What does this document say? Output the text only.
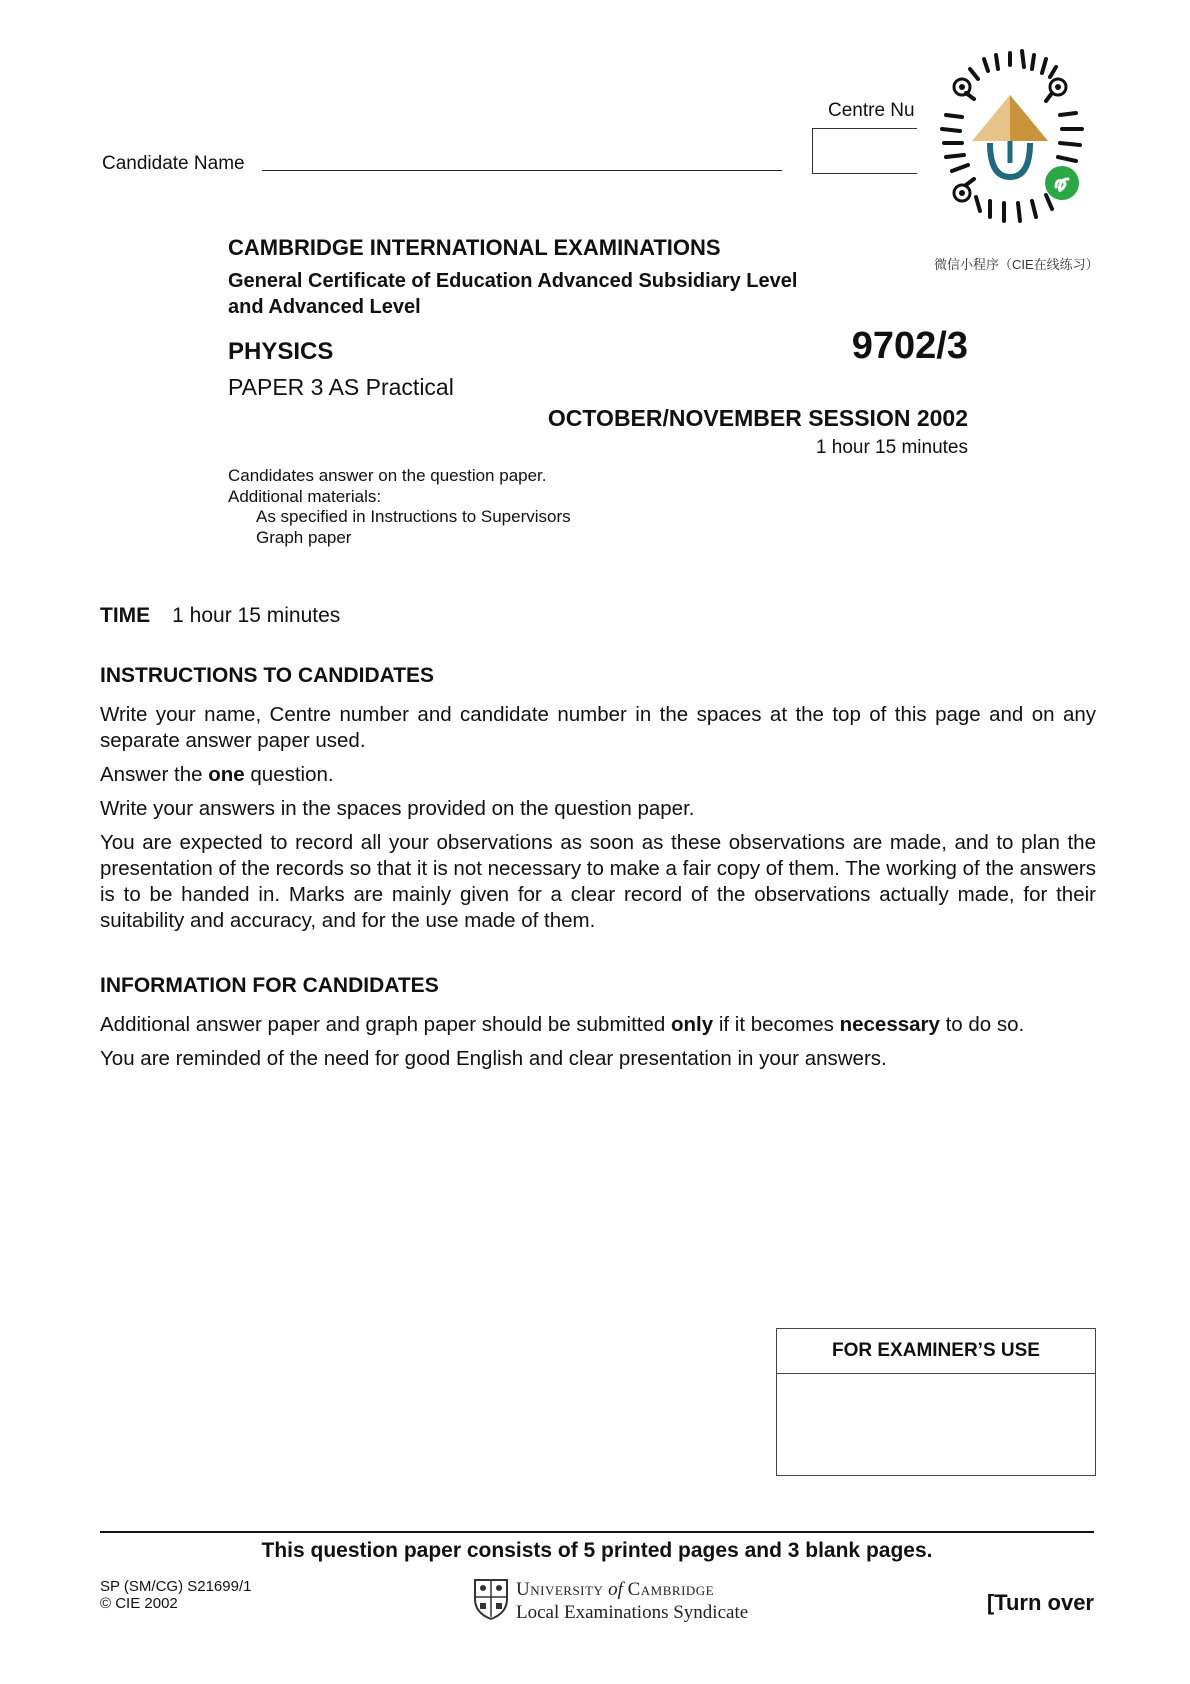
Candidate Name
Centre Nu
微信小程序（CIE在线练习）
CAMBRIDGE INTERNATIONAL EXAMINATIONS
General Certificate of Education Advanced Subsidiary Level
and Advanced Level
PHYSICS	9702/3
PAPER 3 AS Practical
OCTOBER/NOVEMBER SESSION 2002
1 hour 15 minutes
Candidates answer on the question paper.
Additional materials:
As specified in Instructions to Supervisors
Graph paper
TIME 1 hour 15 minutes
INSTRUCTIONS TO CANDIDATES
Write your name, Centre number and candidate number in the spaces at the top of this page and on any separate answer paper used.
Answer the one question.
Write your answers in the spaces provided on the question paper.
You are expected to record all your observations as soon as these observations are made, and to plan the presentation of the records so that it is not necessary to make a fair copy of them. The working of the answers is to be handed in. Marks are mainly given for a clear record of the observations actually made, for their suitability and accuracy, and for the use made of them.
INFORMATION FOR CANDIDATES
Additional answer paper and graph paper should be submitted only if it becomes necessary to do so.
You are reminded of the need for good English and clear presentation in your answers.
FOR EXAMINER’S USE
This question paper consists of 5 printed pages and 3 blank pages.
SP (SM/CG) S21699/1
© CIE 2002
University of Cambridge
Local Examinations Syndicate	[Turn over
